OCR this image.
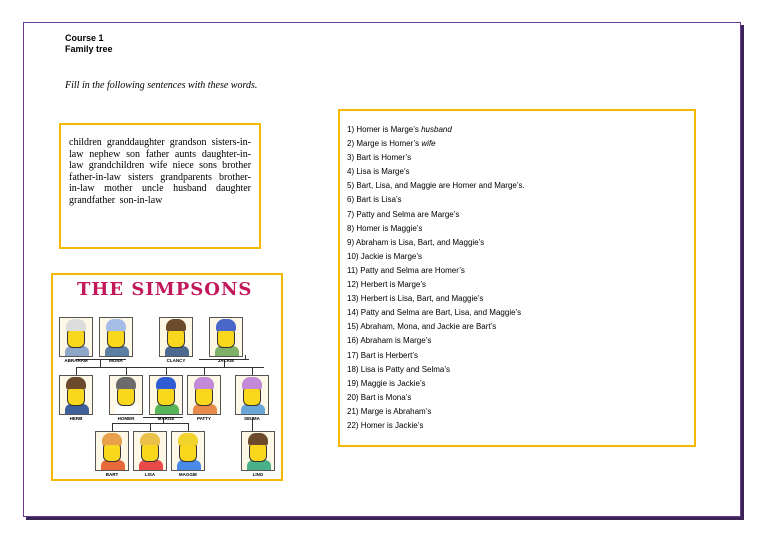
Course 1
Family tree
Fill in the following sentences with these words.
children granddaughter grandson sisters-in-law nephew son father aunts daughter-in-law grandchildren wife niece sons brother father-in-law sisters grandparents brother-in-law mother uncle husband daughter grandfather son-in-law
THE SIMPSONS
ABRAHAM	MONA	CLANCY	JACKIE
HERB	HOMER	MARGE	PATTY	SELMA
BART	LISA	MAGGIE	LING
1) Homer is Marge’s husband
2) Marge is Homer’s wife
3) Bart is Homer’s
4) Lisa is Marge’s
5) Bart, Lisa, and Maggie are Homer and Marge’s.
6) Bart is Lisa’s
7) Patty and Selma are Marge’s
8) Homer is Maggie’s
9) Abraham is Lisa, Bart, and Maggie’s
10) Jackie is Marge’s
11) Patty and Selma are Homer’s
12) Herbert is Marge’s
13) Herbert is Lisa, Bart, and Maggie’s
14) Patty and Selma are Bart, Lisa, and Maggie’s
15) Abraham, Mona, and Jackie are Bart’s
16) Abraham is Marge’s
17) Bart is Herbert’s
18) Lisa is Patty and Selma’s
19) Maggie is Jackie’s
20) Bart is Mona’s
21) Marge is Abraham’s
22) Homer is Jackie’s
